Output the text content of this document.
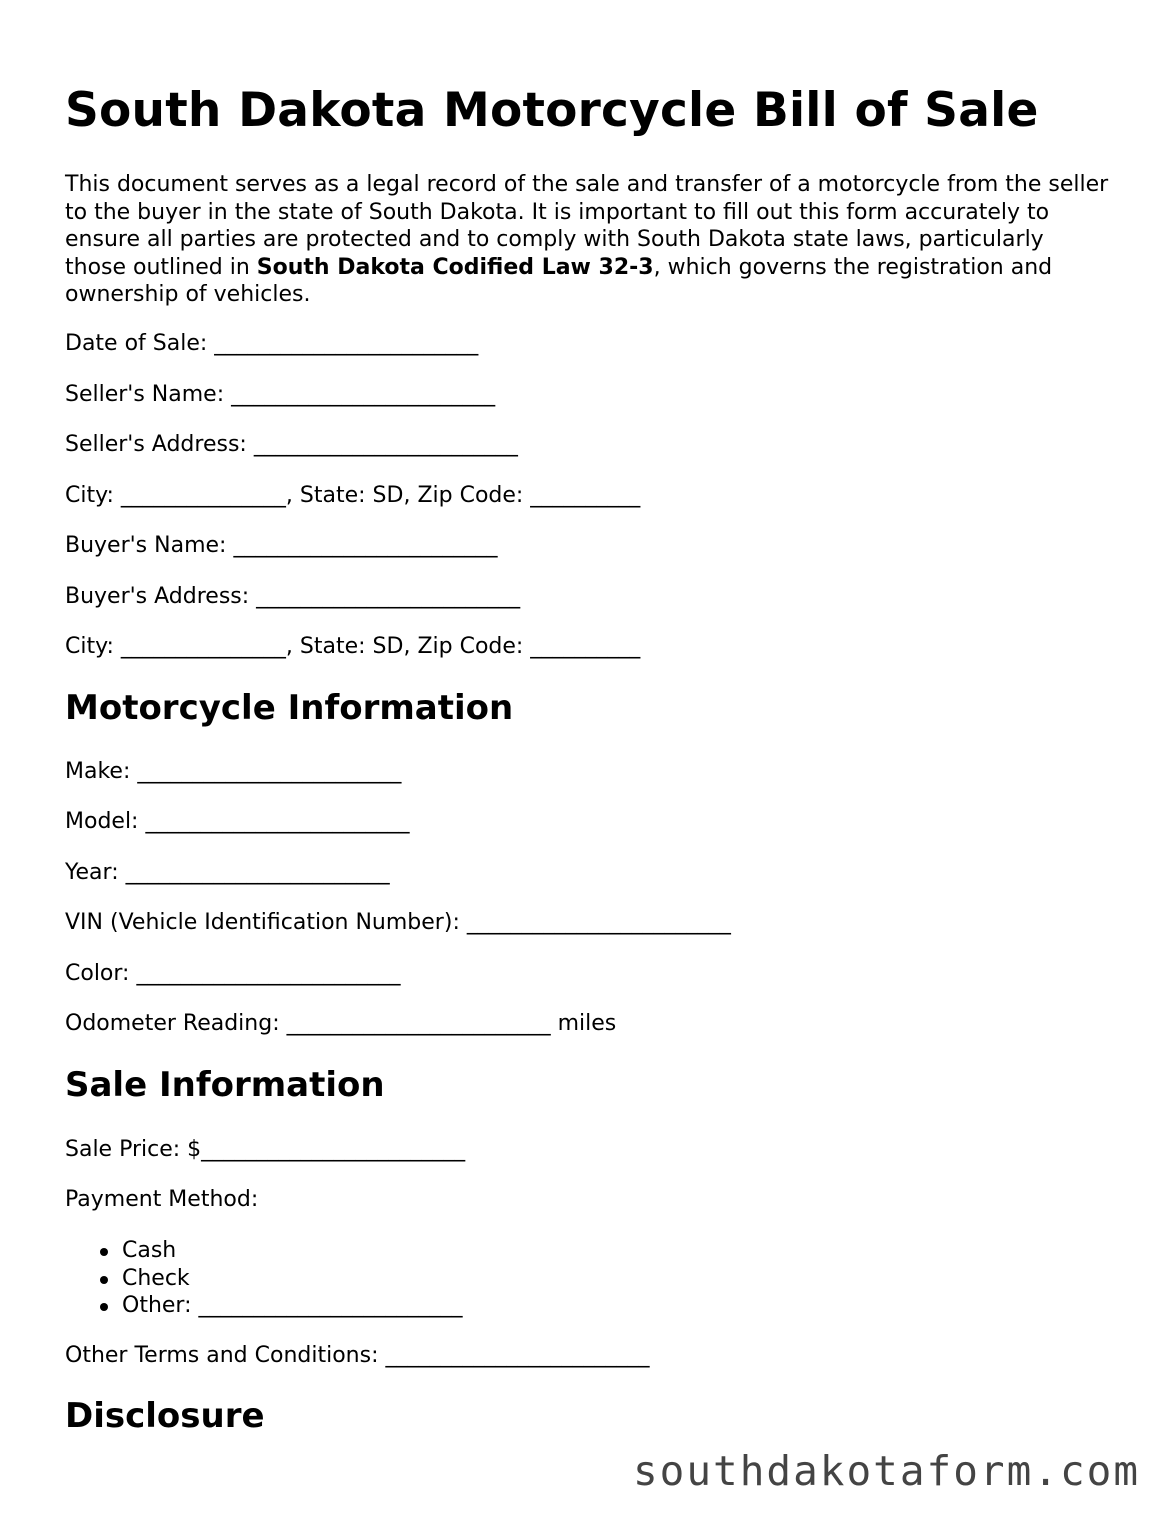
South Dakota Motorcycle Bill of Sale

This document serves as a legal record of the sale and transfer of a motorcycle from the seller to the buyer in the state of South Dakota. It is important to fill out this form accurately to ensure all parties are protected and to comply with South Dakota state laws, particularly those outlined in South Dakota Codified Law 32-3, which governs the registration and ownership of vehicles.

Date of Sale: ________________________

Seller's Name: ________________________

Seller's Address: ________________________

City: _______________, State: SD, Zip Code: __________

Buyer's Name: ________________________

Buyer's Address: ________________________

City: _______________, State: SD, Zip Code: __________

Motorcycle Information

Make: ________________________

Model: ________________________

Year: ________________________

VIN (Vehicle Identification Number): ________________________

Color: ________________________

Odometer Reading: ________________________ miles

Sale Information

Sale Price: $________________________

Payment Method:

Cash
Check
Other: ________________________

Other Terms and Conditions: ________________________

Disclosure
southdakotaform.com
